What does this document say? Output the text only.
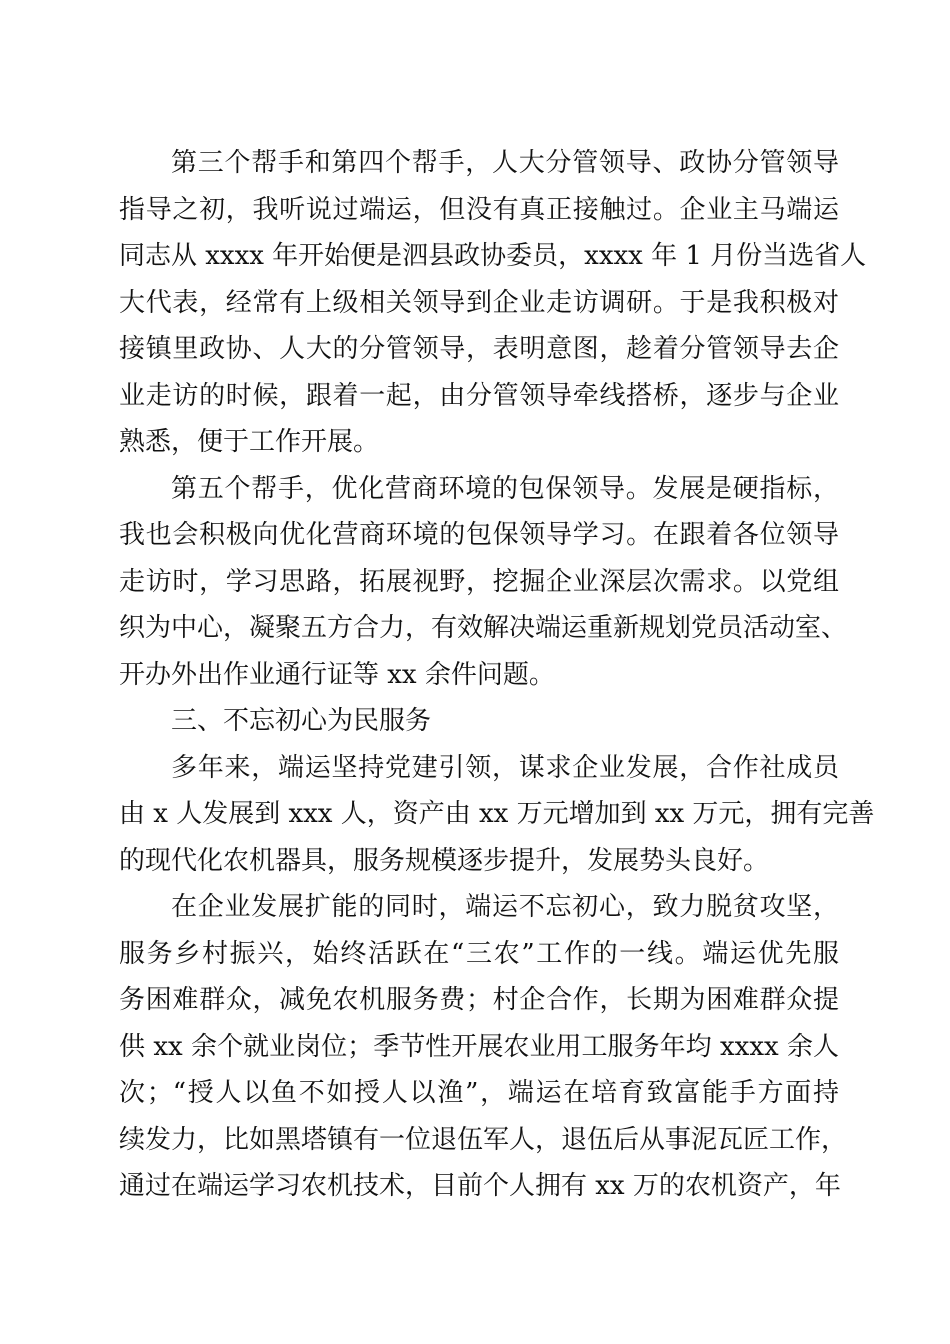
第三个帮手和第四个帮手，人大分管领导、政协分管领导
指导之初，我听说过端运，但没有真正接触过。企业主马端运
同志从 xxxx 年开始便是泗县政协委员，xxxx 年 1 月份当选省人
大代表，经常有上级相关领导到企业走访调研。于是我积极对
接镇里政协、人大的分管领导，表明意图，趁着分管领导去企
业走访的时候，跟着一起，由分管领导牵线搭桥，逐步与企业
熟悉，便于工作开展。
第五个帮手，优化营商环境的包保领导。发展是硬指标，
我也会积极向优化营商环境的包保领导学习。在跟着各位领导
走访时，学习思路，拓展视野，挖掘企业深层次需求。以党组
织为中心，凝聚五方合力，有效解决端运重新规划党员活动室、
开办外出作业通行证等 xx 余件问题。
三、不忘初心为民服务
多年来，端运坚持党建引领，谋求企业发展，合作社成员
由 x 人发展到 xxx 人，资产由 xx 万元增加到 xx 万元，拥有完善
的现代化农机器具，服务规模逐步提升，发展势头良好。
在企业发展扩能的同时，端运不忘初心，致力脱贫攻坚，
服务乡村振兴，始终活跃在“三农”工作的一线。端运优先服
务困难群众，减免农机服务费；村企合作，长期为困难群众提
供 xx 余个就业岗位；季节性开展农业用工服务年均 xxxx 余人
次；“授人以鱼不如授人以渔”，端运在培育致富能手方面持
续发力，比如黑塔镇有一位退伍军人，退伍后从事泥瓦匠工作，
通过在端运学习农机技术，目前个人拥有 xx 万的农机资产，年
